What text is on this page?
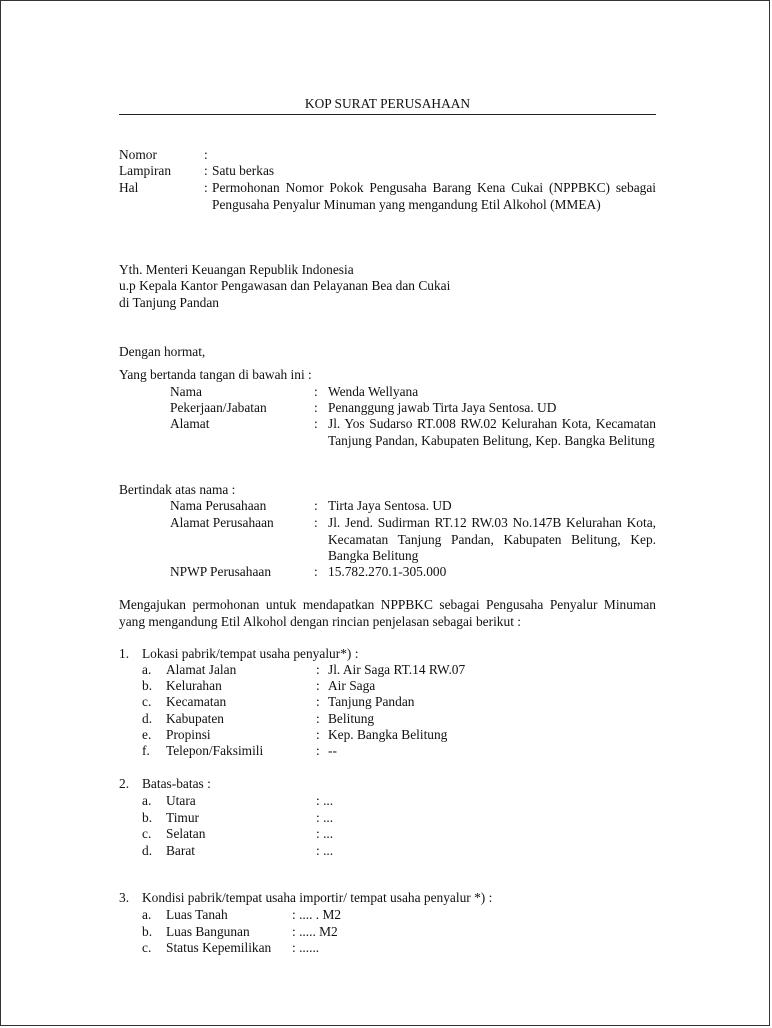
KOP SURAT PERUSAHAAN
Nomor	:
Lampiran : Satu berkas
Hal	: Permohonan Nomor Pokok Pengusaha Barang Kena Cukai (NPPBKC) sebagai Pengusaha Penyalur Minuman yang mengandung Etil Alkohol (MMEA)
Yth. Menteri Keuangan Republik Indonesia
u.p Kepala Kantor Pengawasan dan Pelayanan Bea dan Cukai
di Tanjung Pandan
Dengan hormat,
Yang bertanda tangan di bawah ini :
Nama	: Wenda Wellyana
Pekerjaan/Jabatan	: Penanggung jawab Tirta Jaya Sentosa. UD
Alamat	: Jl. Yos Sudarso RT.008 RW.02 Kelurahan Kota, Kecamatan Tanjung Pandan, Kabupaten Belitung, Kep. Bangka Belitung
Bertindak atas nama :
Nama Perusahaan	: Tirta Jaya Sentosa. UD
Alamat Perusahaan	: Jl. Jend. Sudirman RT.12 RW.03 No.147B Kelurahan Kota, Kecamatan Tanjung Pandan, Kabupaten Belitung, Kep. Bangka Belitung
NPWP Perusahaan	: 15.782.270.1-305.000
Mengajukan permohonan untuk mendapatkan NPPBKC sebagai Pengusaha Penyalur Minuman yang mengandung Etil Alkohol dengan rincian penjelasan sebagai berikut :
1. Lokasi pabrik/tempat usaha penyalur*) :
a. Alamat Jalan	: Jl. Air Saga RT.14 RW.07
b. Kelurahan	: Air Saga
c. Kecamatan	: Tanjung Pandan
d. Kabupaten	: Belitung
e. Propinsi	: Kep. Bangka Belitung
f. Telepon/Faksimili	: --
2. Batas-batas :
a. Utara	: ...
b. Timur	: ...
c. Selatan	: ...
d. Barat	: ...
3. Kondisi pabrik/tempat usaha importir/ tempat usaha penyalur *) :
a. Luas Tanah	: .... . M2
b. Luas Bangunan	: ..... M2
c. Status Kepemilikan : ......
